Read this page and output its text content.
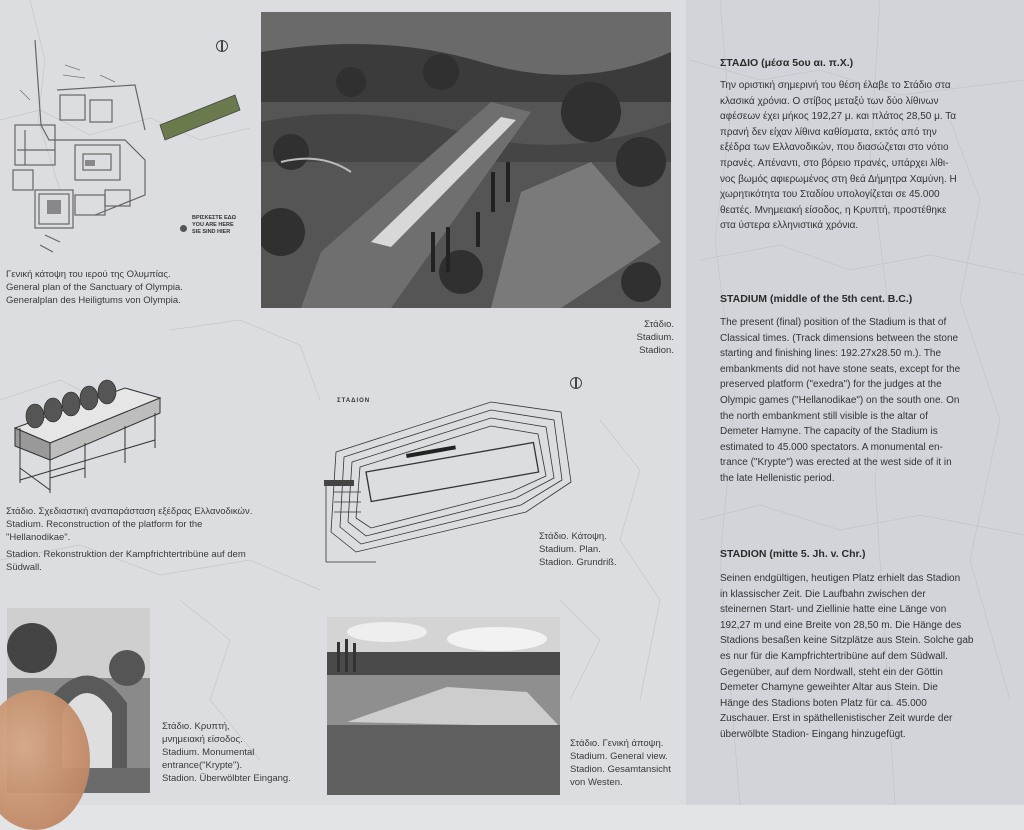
ΒΡΙΣΚΕΣΤΕ ΕΔΩ
YOU ARE HERE
SIE SIND HIER
Γενική κάτοψη του ιερού της Ολυμπίας.
General plan of the Sanctuary of Olympia.
Generalplan des Heiligtums von Olympia.
Στάδιο.
Stadium.
Stadion.
Στάδιο. Σχεδιαστική αναπαράσταση εξέδρας Ελλανοδικών.
Stadium. Reconstruction of the platform for the
"Hellanodikae".
Stadion. Rekonstruktion der Kampfrichtertribüne auf dem
Südwall.
ΣΤΑΔΙΟΝ
Στάδιο. Κάτοψη.
Stadium. Plan.
Stadion. Grundriß.
Στάδιο. Κρυπτή,
μνημειακή είσοδος.
Stadium. Monumental
entrance("Krypte").
Stadion. Überwölbter Eingang.
Στάδιο. Γενική άποψη.
Stadium. General view.
Stadion. Gesamtansicht
von Westen.
ΣΤΑΔΙΟ (μέσα 5ου αι. π.Χ.)
Την οριστική σημερινή του θέση έλαβε το Στάδιο στα
κλασικά χρόνια. Ο στίβος μεταξύ των δύο λίθινων
αφέσεων έχει μήκος 192,27 μ. και πλάτος 28,50 μ. Τα
πρανή δεν είχαν λίθινα καθίσματα, εκτός από την
εξέδρα των Ελλανοδικών, που διασώζεται στο νότιο
πρανές. Απέναντι, στο βόρειο πρανές, υπάρχει λίθι-
νος βωμός αφιερωμένος στη θεά Δήμητρα Χαμύνη. Η
χωρητικότητα του Σταδίου υπολογίζεται σε 45.000
θεατές. Μνημειακή είσοδος, η Κρυπτή, προστέθηκε
στα ύστερα ελληνιστικά χρόνια.
STADIUM (middle of the 5th cent. B.C.)
The present (final) position of the Stadium is that of
Classical times. (Track dimensions between the stone
starting and finishing lines: 192.27x28.50 m.). The
embankments did not have stone seats, except for the
preserved platform ("exedra") for the judges at the
Olympic games ("Hellanodikae") on the south one. On
the north embankment still visible is the altar of
Demeter Hamyne. The capacity of the Stadium is
estimated to 45.000 spectators. A monumental en-
trance ("Krypte") was erected at the west side of it in
the late Hellenistic period.
STADION (mitte 5. Jh. v. Chr.)
Seinen endgültigen, heutigen Platz erhielt das Stadion
in klassischer Zeit. Die Laufbahn zwischen der
steinernen Start- und Ziellinie hatte eine Länge von
192,27 m und eine Breite von 28,50 m. Die Hänge des
Stadions besaßen keine Sitzplätze aus Stein. Solche gab
es nur für die Kampfrichtertribüne auf dem Südwall.
Gegenüber, auf dem Nordwall, steht ein der Göttin
Demeter Chamyne geweihter Altar aus Stein. Die
Hänge des Stadions boten Platz für ca. 45.000
Zuschauer. Erst in späthellenistischer Zeit wurde der
überwölbte Stadion- Eingang hinzugefügt.
